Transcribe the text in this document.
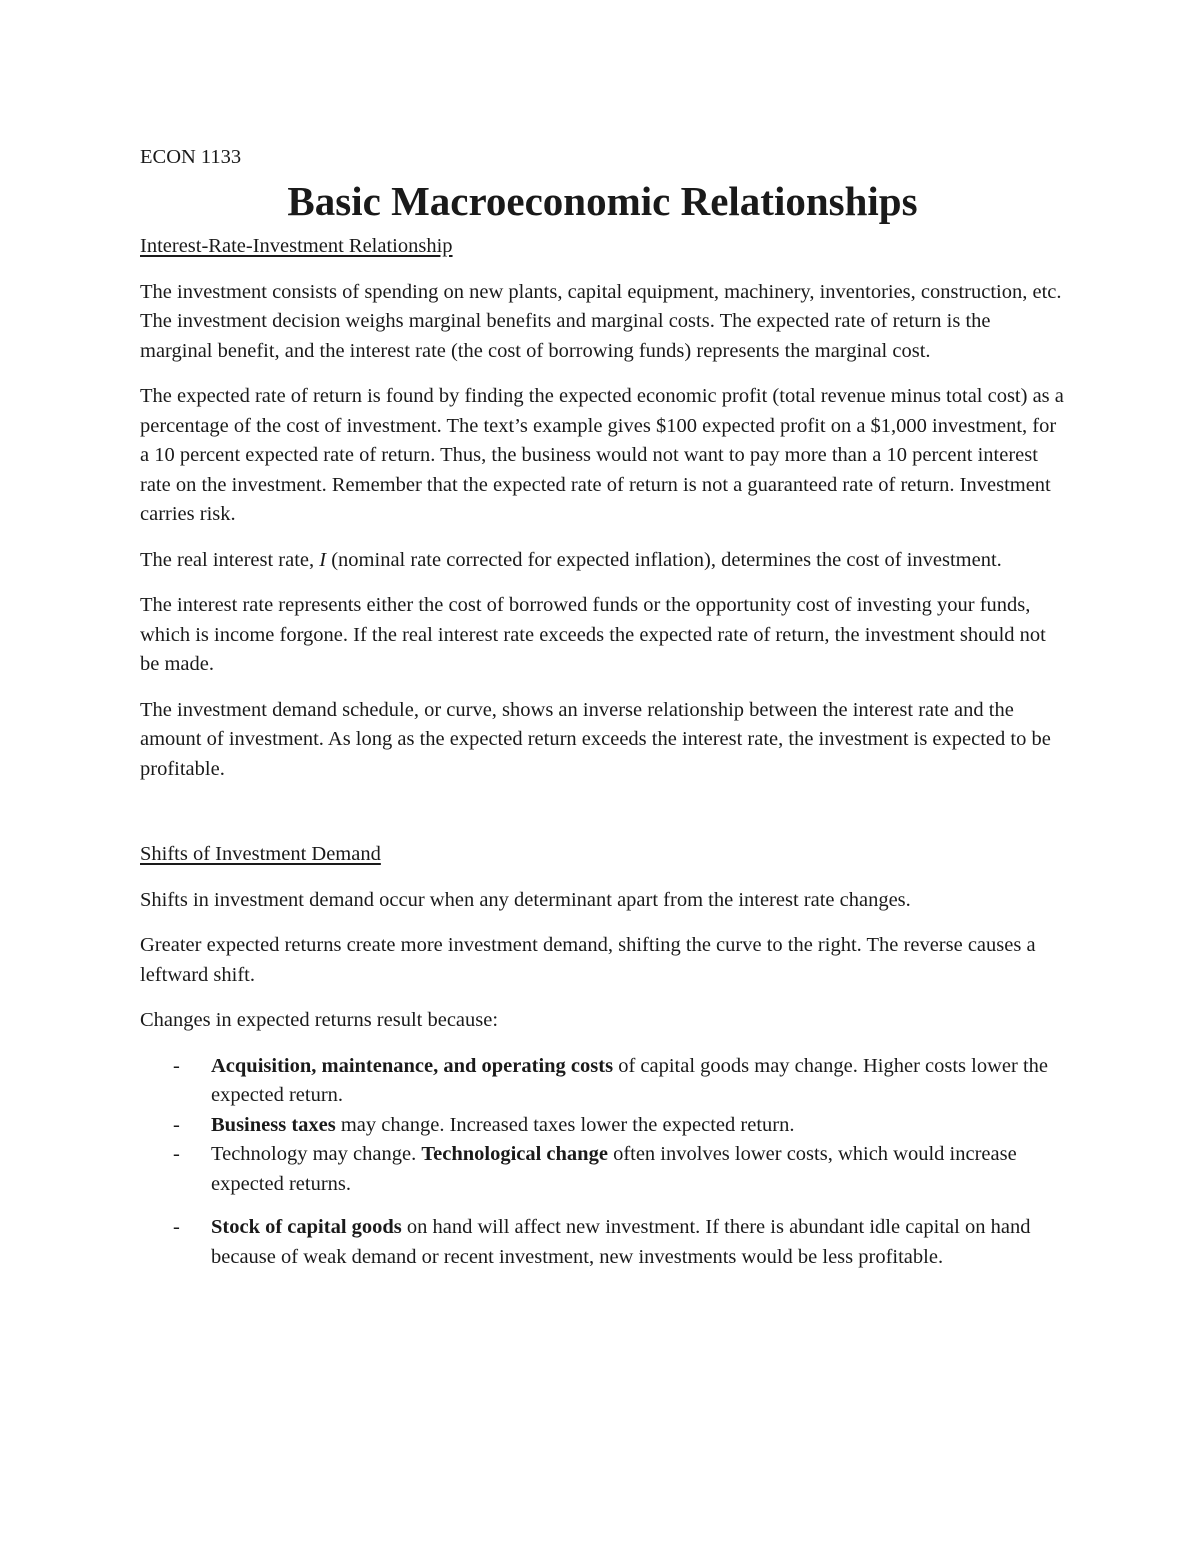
ECON 1133

Basic Macroeconomic Relationships
Interest-Rate-Investment Relationship

The investment consists of spending on new plants, capital equipment, machinery, inventories, construction, etc. The investment decision weighs marginal benefits and marginal costs. The expected rate of return is the marginal benefit, and the interest rate (the cost of borrowing funds) represents the marginal cost.

The expected rate of return is found by finding the expected economic profit (total revenue minus total cost) as a percentage of the cost of investment. The text’s example gives $100 expected profit on a $1,000 investment, for a 10 percent expected rate of return. Thus, the business would not want to pay more than a 10 percent interest rate on the investment. Remember that the expected rate of return is not a guaranteed rate of return. Investment carries risk.

The real interest rate, I (nominal rate corrected for expected inflation), determines the cost of investment.

The interest rate represents either the cost of borrowed funds or the opportunity cost of investing your funds, which is income forgone. If the real interest rate exceeds the expected rate of return, the investment should not be made.

The investment demand schedule, or curve, shows an inverse relationship between the interest rate and the amount of investment. As long as the expected return exceeds the interest rate, the investment is expected to be profitable.

Shifts of Investment Demand

Shifts in investment demand occur when any determinant apart from the interest rate changes.

Greater expected returns create more investment demand, shifting the curve to the right. The reverse causes a leftward shift.

Changes in expected returns result because:

- Acquisition, maintenance, and operating costs of capital goods may change. Higher costs lower the expected return.
- Business taxes may change. Increased taxes lower the expected return.
- Technology may change. Technological change often involves lower costs, which would increase expected returns.
- Stock of capital goods on hand will affect new investment. If there is abundant idle capital on hand because of weak demand or recent investment, new investments would be less profitable.
